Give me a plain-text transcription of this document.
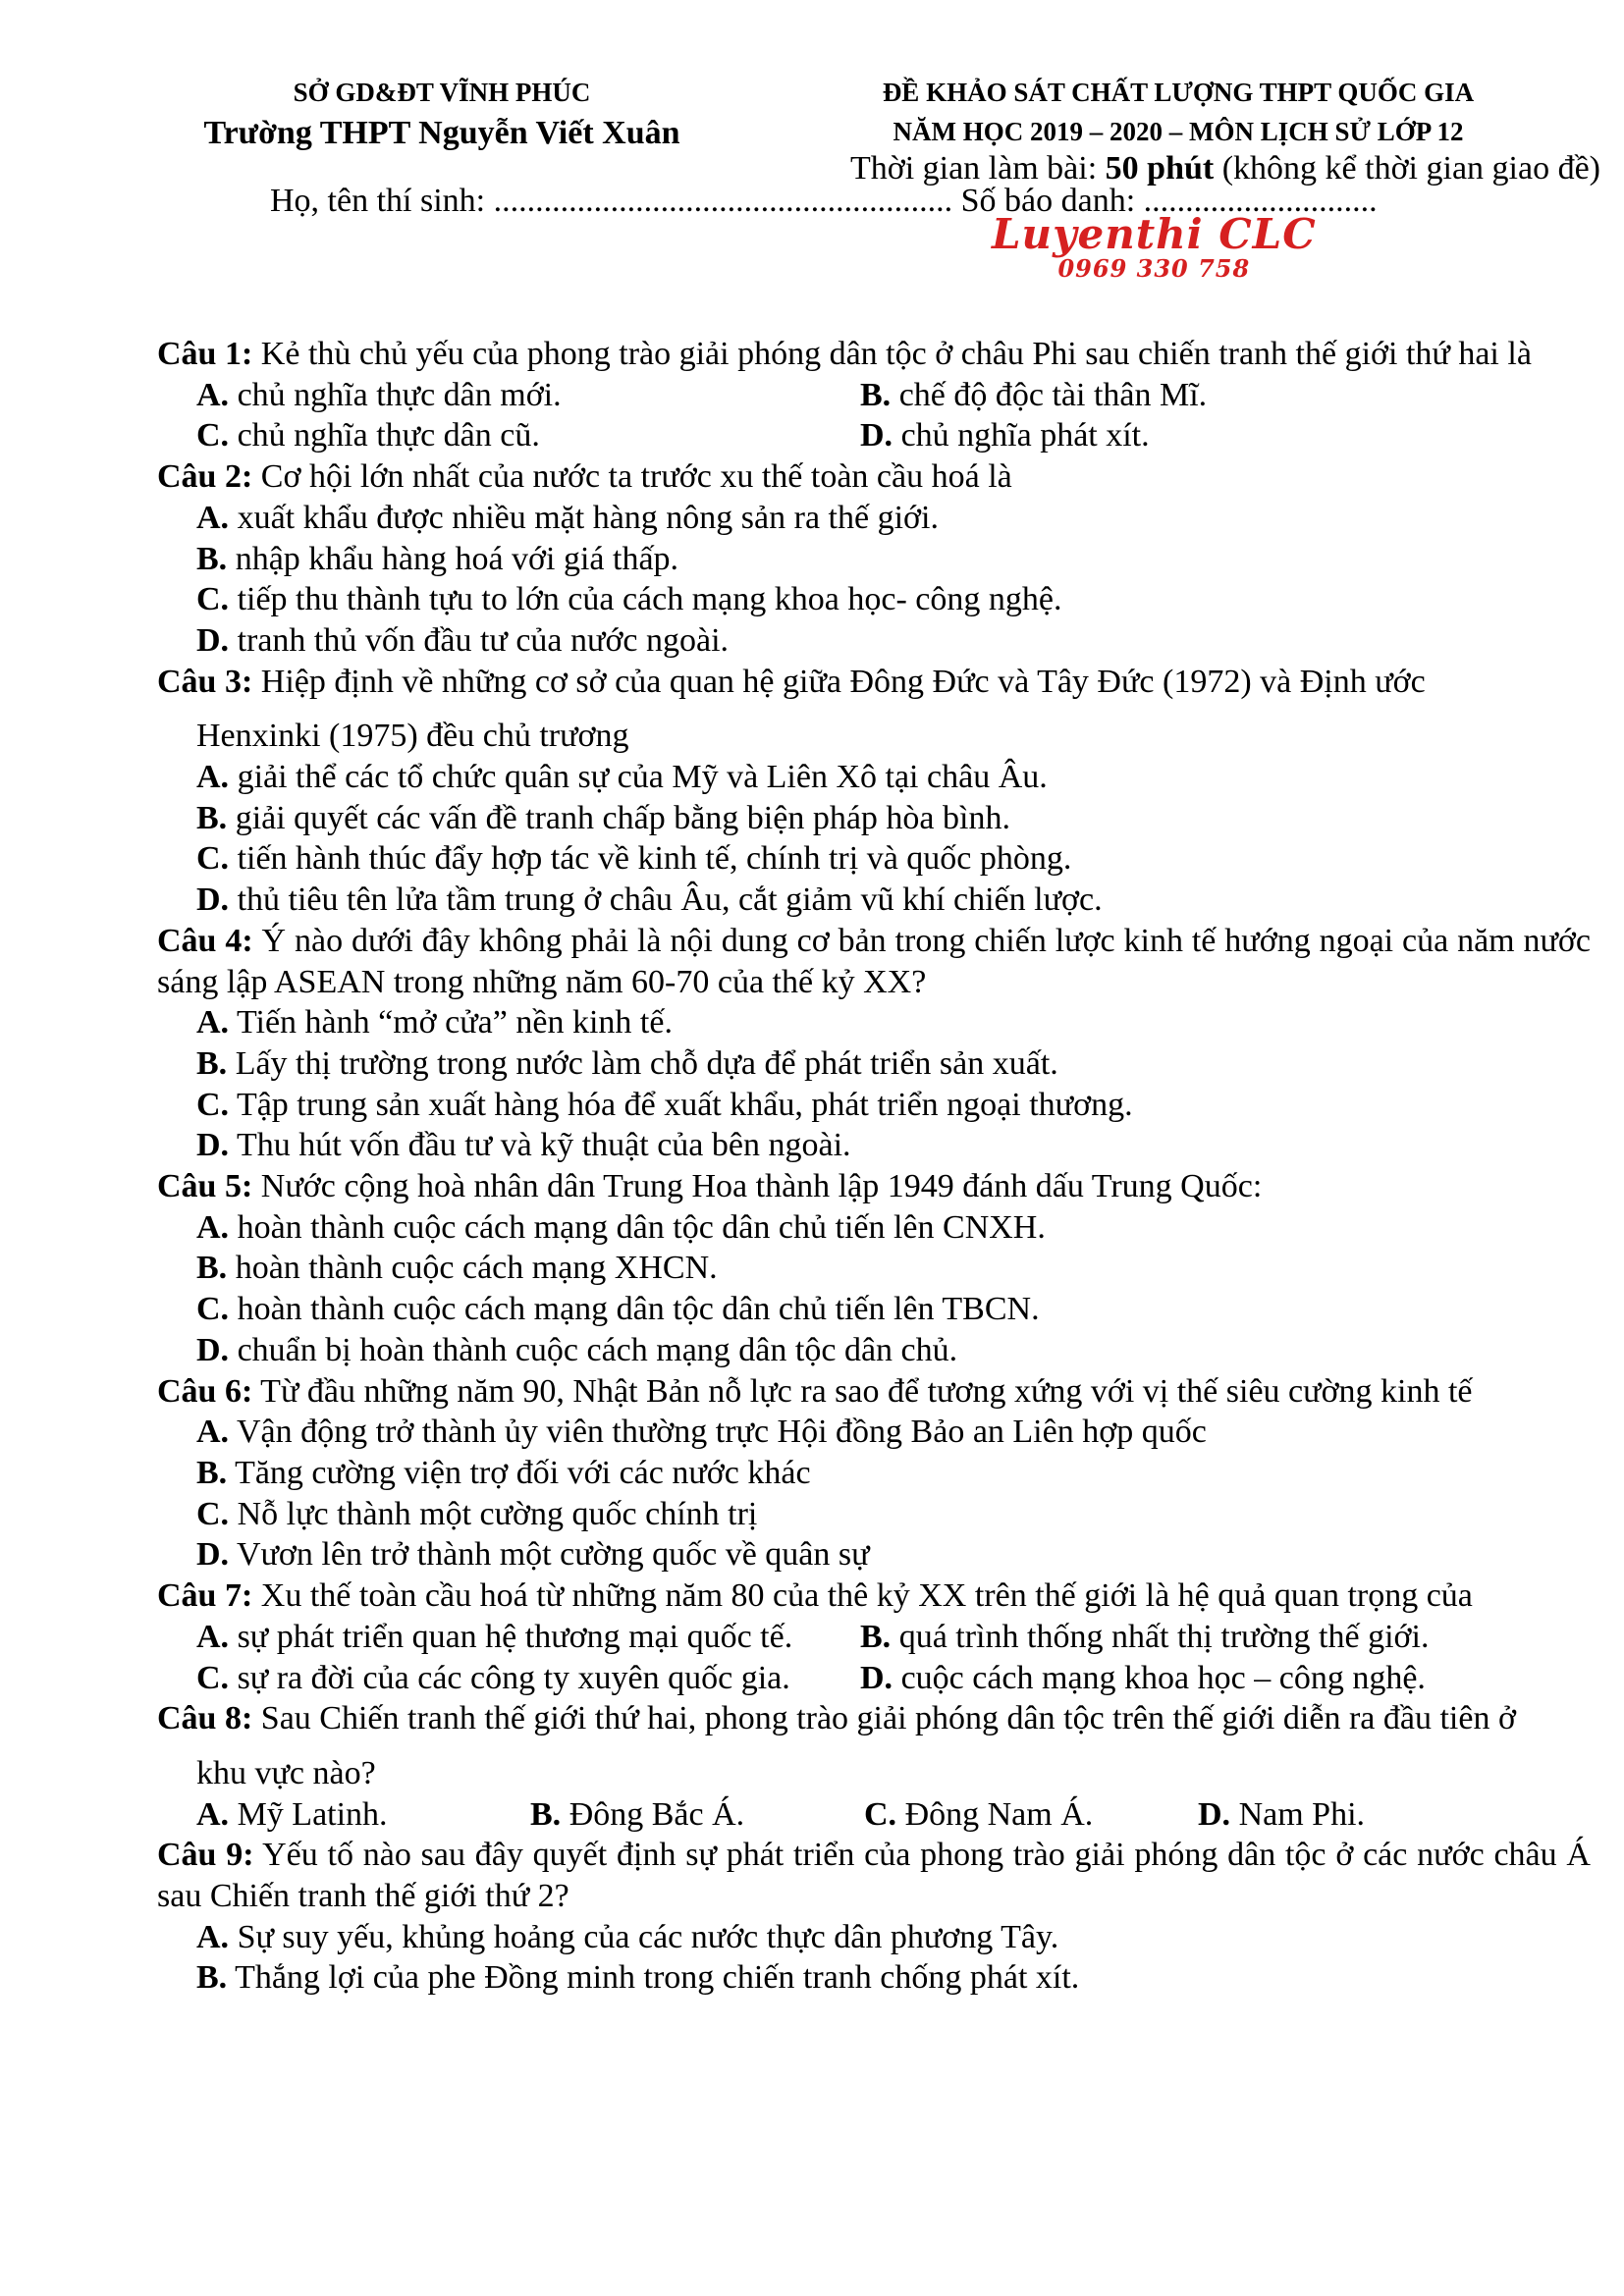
SỞ GD&ĐT VĨNH PHÚC
Trường THPT Nguyễn Viết Xuân
ĐỀ KHẢO SÁT CHẤT LƯỢNG THPT QUỐC GIA
NĂM HỌC 2019 – 2020 – MÔN LỊCH SỬ LỚP 12
Thời gian làm bài: 50 phút (không kể thời gian giao đề)
Họ, tên thí sinh: ....................................................... Số báo danh: ............................
Luyenthi CLC
0969 330 758

Câu 1: Kẻ thù chủ yếu của phong trào giải phóng dân tộc ở châu Phi sau chiến tranh thế giới thứ hai là

A. chủ nghĩa thực dân mới.	B. chế độ độc tài thân Mĩ.
C. chủ nghĩa thực dân cũ.	D. chủ nghĩa phát xít.

Câu 2: Cơ hội lớn nhất của nước ta trước xu thế toàn cầu hoá là

A. xuất khẩu được nhiều mặt hàng nông sản ra thế giới.
B. nhập khẩu hàng hoá với giá thấp.
C. tiếp thu thành tựu to lớn của cách mạng khoa học- công nghệ.
D. tranh thủ vốn đầu tư của nước ngoài.

Câu 3: Hiệp định về những cơ sở của quan hệ giữa Đông Đức và Tây Đức (1972) và Định ước

Henxinki (1975) đều chủ trương

A. giải thể các tổ chức quân sự của Mỹ và Liên Xô tại châu Âu.
B. giải quyết các vấn đề tranh chấp bằng biện pháp hòa bình.
C. tiến hành thúc đẩy hợp tác về kinh tế, chính trị và quốc phòng.
D. thủ tiêu tên lửa tầm trung ở châu Âu, cắt giảm vũ khí chiến lược.

Câu 4: Ý nào dưới đây không phải là nội dung cơ bản trong chiến lược kinh tế hướng ngoại của năm nước sáng lập ASEAN trong những năm 60-70 của thế kỷ XX?

A. Tiến hành “mở cửa” nền kinh tế.
B. Lấy thị trường trong nước làm chỗ dựa để phát triển sản xuất.
C. Tập trung sản xuất hàng hóa để xuất khẩu, phát triển ngoại thương.
D. Thu hút vốn đầu tư và kỹ thuật của bên ngoài.

Câu 5: Nước cộng hoà nhân dân Trung Hoa thành lập 1949 đánh dấu Trung Quốc:

A. hoàn thành cuộc cách mạng dân tộc dân chủ tiến lên CNXH.
B. hoàn thành cuộc cách mạng XHCN.
C. hoàn thành cuộc cách mạng dân tộc dân chủ tiến lên TBCN.
D. chuẩn bị hoàn thành cuộc cách mạng dân tộc dân chủ.

Câu 6: Từ đầu những năm 90, Nhật Bản nỗ lực ra sao để tương xứng với vị thế siêu cường kinh tế

A. Vận động trở thành ủy viên thường trực Hội đồng Bảo an Liên hợp quốc
B. Tăng cường viện trợ đối với các nước khác
C. Nỗ lực thành một cường quốc chính trị
D. Vươn lên trở thành một cường quốc về quân sự

Câu 7: Xu thế toàn cầu hoá từ những năm 80 của thê kỷ XX trên thế giới là hệ quả quan trọng của

A. sự phát triển quan hệ thương mại quốc tế.	B. quá trình thống nhất thị trường thế giới.
C. sự ra đời của các công ty xuyên quốc gia.	D. cuộc cách mạng khoa học – công nghệ.

Câu 8: Sau Chiến tranh thế giới thứ hai, phong trào giải phóng dân tộc trên thế giới diễn ra đầu tiên ở

khu vực nào?

A. Mỹ Latinh.	B. Đông Bắc Á.	C. Đông Nam Á.	D. Nam Phi.

Câu 9: Yếu tố nào sau đây quyết định sự phát triển của phong trào giải phóng dân tộc ở các nước châu Á sau Chiến tranh thế giới thứ 2?

A. Sự suy yếu, khủng hoảng của các nước thực dân phương Tây.
B. Thắng lợi của phe Đồng minh trong chiến tranh chống phát xít.
